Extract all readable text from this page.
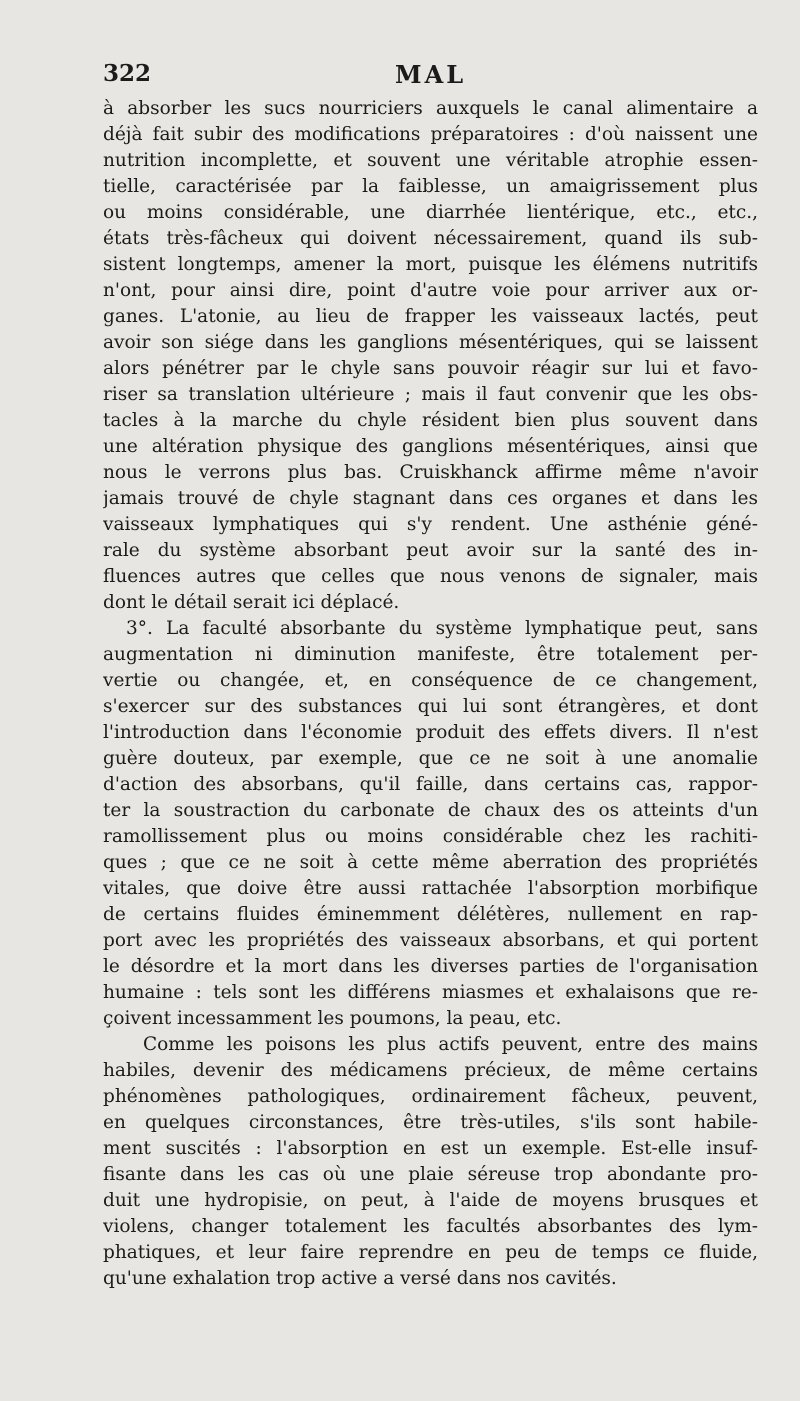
322	MAL
à absorber les sucs nourriciers auxquels le canal alimentaire a
déjà fait subir des modifications préparatoires : d'où naissent une
nutrition incomplette, et souvent une véritable atrophie essen-
tielle, caractérisée par la faiblesse, un amaigrissement plus
ou moins considérable, une diarrhée lientérique, etc., etc.,
états très-fâcheux qui doivent nécessairement, quand ils sub-
sistent longtemps, amener la mort, puisque les élémens nutritifs
n'ont, pour ainsi dire, point d'autre voie pour arriver aux or-
ganes. L'atonie, au lieu de frapper les vaisseaux lactés, peut
avoir son siége dans les ganglions mésentériques, qui se laissent
alors pénétrer par le chyle sans pouvoir réagir sur lui et favo-
riser sa translation ultérieure ; mais il faut convenir que les obs-
tacles à la marche du chyle résident bien plus souvent dans
une altération physique des ganglions mésentériques, ainsi que
nous le verrons plus bas. Cruiskhanck affirme même n'avoir
jamais trouvé de chyle stagnant dans ces organes et dans les
vaisseaux lymphatiques qui s'y rendent. Une asthénie géné-
rale du système absorbant peut avoir sur la santé des in-
fluences autres que celles que nous venons de signaler, mais
dont le détail serait ici déplacé.
3°. La faculté absorbante du système lymphatique peut, sans
augmentation ni diminution manifeste, être totalement per-
vertie ou changée, et, en conséquence de ce changement,
s'exercer sur des substances qui lui sont étrangères, et dont
l'introduction dans l'économie produit des effets divers. Il n'est
guère douteux, par exemple, que ce ne soit à une anomalie
d'action des absorbans, qu'il faille, dans certains cas, rappor-
ter la soustraction du carbonate de chaux des os atteints d'un
ramollissement plus ou moins considérable chez les rachiti-
ques ; que ce ne soit à cette même aberration des propriétés
vitales, que doive être aussi rattachée l'absorption morbifique
de certains fluides éminemment délétères, nullement en rap-
port avec les propriétés des vaisseaux absorbans, et qui portent
le désordre et la mort dans les diverses parties de l'organisation
humaine : tels sont les différens miasmes et exhalaisons que re-
çoivent incessamment les poumons, la peau, etc.
Comme les poisons les plus actifs peuvent, entre des mains
habiles, devenir des médicamens précieux, de même certains
phénomènes pathologiques, ordinairement fâcheux, peuvent,
en quelques circonstances, être très-utiles, s'ils sont habile-
ment suscités : l'absorption en est un exemple. Est-elle insuf-
fisante dans les cas où une plaie séreuse trop abondante pro-
duit une hydropisie, on peut, à l'aide de moyens brusques et
violens, changer totalement les facultés absorbantes des lym-
phatiques, et leur faire reprendre en peu de temps ce fluide,
qu'une exhalation trop active a versé dans nos cavités.
